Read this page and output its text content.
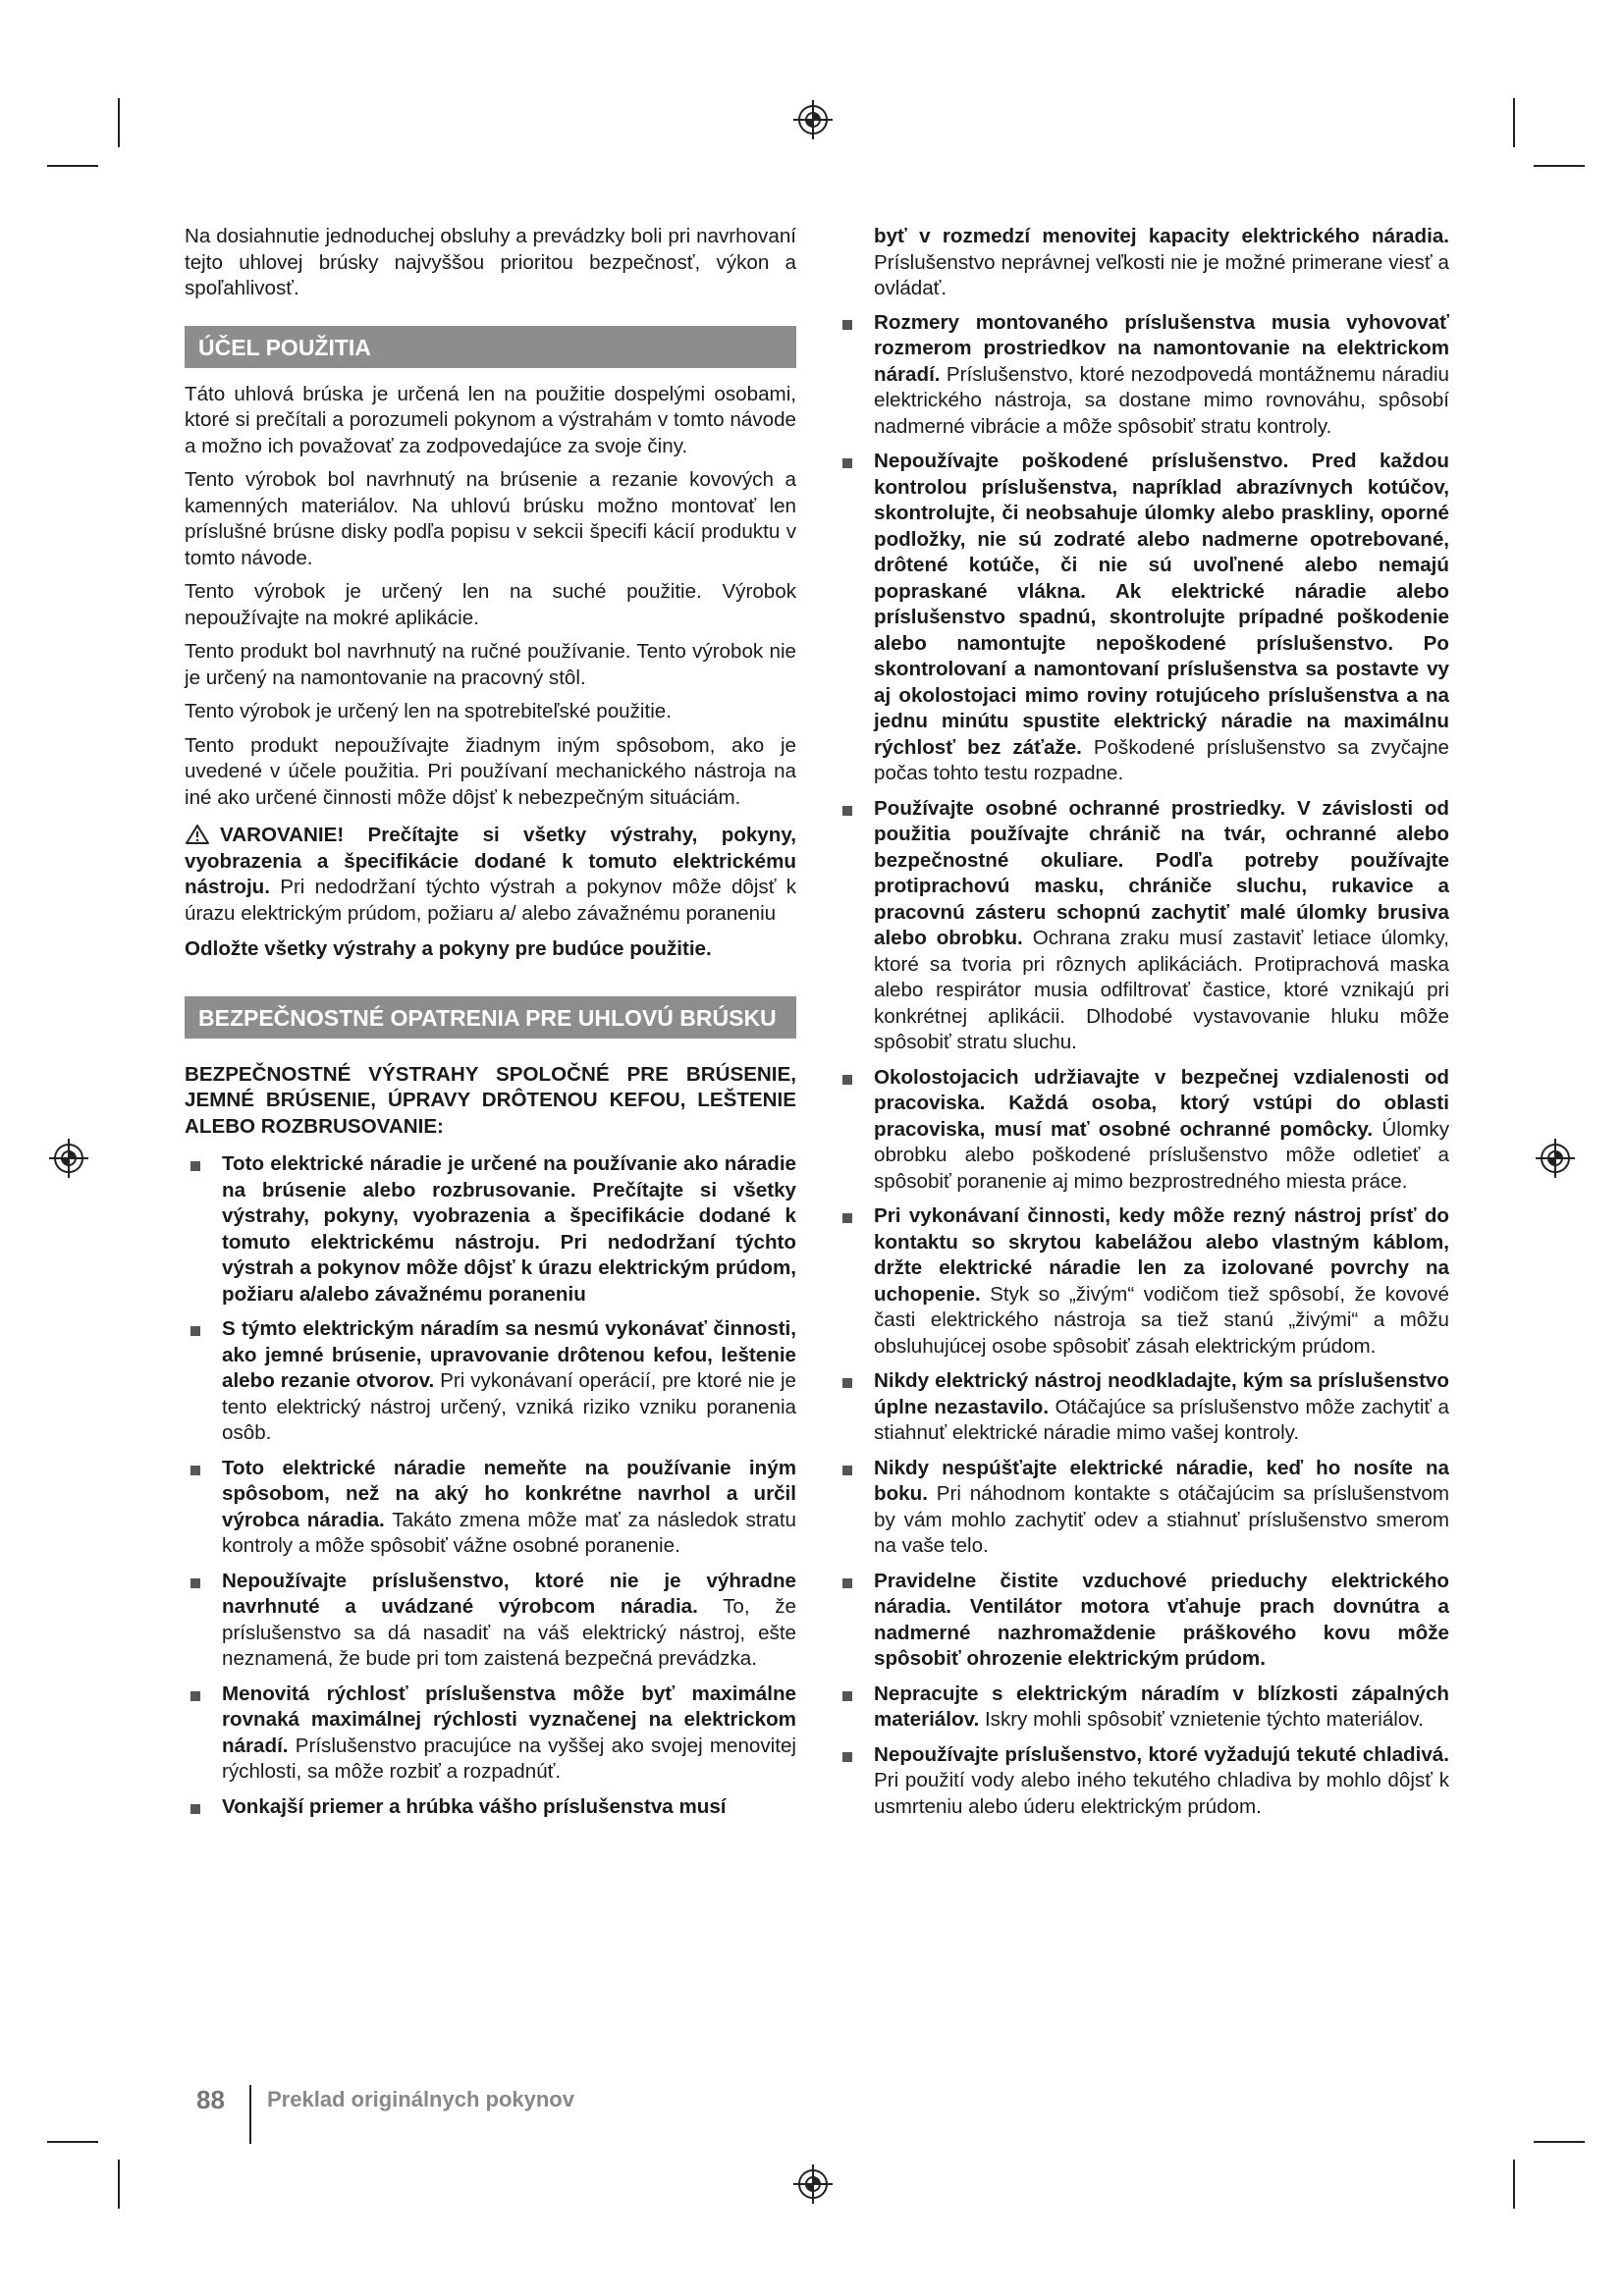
Na dosiahnutie jednoduchej obsluhy a prevádzky boli pri navrhovaní tejto uhlovej brúsky najvyššou prioritou bezpečnosť, výkon a spoľahlivosť.

ÚČEL POUŽITIA

Táto uhlová brúska je určená len na použitie dospelými osobami, ktoré si prečítali a porozumeli pokynom a výstrahám v tomto návode a možno ich považovať za zodpovedajúce za svoje činy.

Tento výrobok bol navrhnutý na brúsenie a rezanie kovových a kamenných materiálov. Na uhlovú brúsku možno montovať len príslušné brúsne disky podľa popisu v sekcii špecifi kácií produktu v tomto návode.

Tento výrobok je určený len na suché použitie. Výrobok nepoužívajte na mokré aplikácie.

Tento produkt bol navrhnutý na ručné používanie. Tento výrobok nie je určený na namontovanie na pracovný stôl.

Tento výrobok je určený len na spotrebiteľské použitie.

Tento produkt nepoužívajte žiadnym iným spôsobom, ako je uvedené v účele použitia. Pri používaní mechanického nástroja na iné ako určené činnosti môže dôjsť k nebezpečným situáciám.

VAROVANIE! Prečítajte si všetky výstrahy, pokyny, vyobrazenia a špecifikácie dodané k tomuto elektrickému nástroju. Pri nedodržaní týchto výstrah a pokynov môže dôjsť k úrazu elektrickým prúdom, požiaru a/ alebo závažnému poraneniu

Odložte všetky výstrahy a pokyny pre budúce použitie.

BEZPEČNOSTNÉ OPATRENIA PRE UHLOVÚ BRÚSKU
BEZPEČNOSTNÉ VÝSTRAHY SPOLOČNÉ PRE BRÚSENIE, JEMNÉ BRÚSENIE, ÚPRAVY DRÔTENOU KEFOU, LEŠTENIE ALEBO ROZBRUSOVANIE:
Toto elektrické náradie je určené na používanie ako náradie na brúsenie alebo rozbrusovanie. Prečítajte si všetky výstrahy, pokyny, vyobrazenia a špecifikácie dodané k tomuto elektrickému nástroju. Pri nedodržaní týchto výstrah a pokynov môže dôjsť k úrazu elektrickým prúdom, požiaru a/alebo závažnému poraneniu
S týmto elektrickým náradím sa nesmú vykonávať činnosti, ako jemné brúsenie, upravovanie drôtenou kefou, leštenie alebo rezanie otvorov. Pri vykonávaní operácií, pre ktoré nie je tento elektrický nástroj určený, vzniká riziko vzniku poranenia osôb.
Toto elektrické náradie nemeňte na používanie iným spôsobom, než na aký ho konkrétne navrhol a určil výrobca náradia. Takáto zmena môže mať za následok stratu kontroly a môže spôsobiť vážne osobné poranenie.
Nepoužívajte príslušenstvo, ktoré nie je výhradne navrhnuté a uvádzané výrobcom náradia. To, že príslušenstvo sa dá nasadiť na váš elektrický nástroj, ešte neznamená, že bude pri tom zaistená bezpečná prevádzka.
Menovitá rýchlosť príslušenstva môže byť maximálne rovnaká maximálnej rýchlosti vyznačenej na elektrickom náradí. Príslušenstvo pracujúce na vyššej ako svojej menovitej rýchlosti, sa môže rozbiť a rozpadnúť.
Vonkajší priemer a hrúbka vášho príslušenstva musí

byť v rozmedzí menovitej kapacity elektrického náradia. Príslušenstvo neprávnej veľkosti nie je možné primerane viesť a ovládať.

Rozmery montovaného príslušenstva musia vyhovovať rozmerom prostriedkov na namontovanie na elektrickom náradí. Príslušenstvo, ktoré nezodpovedá montážnemu náradiu elektrického nástroja, sa dostane mimo rovnováhu, spôsobí nadmerné vibrácie a môže spôsobiť stratu kontroly.
Nepoužívajte poškodené príslušenstvo. Pred každou kontrolou príslušenstva, napríklad abrazívnych kotúčov, skontrolujte, či neobsahuje úlomky alebo praskliny, oporné podložky, nie sú zodraté alebo nadmerne opotrebované, drôtené kotúče, či nie sú uvoľnené alebo nemajú popraskané vlákna. Ak elektrické náradie alebo príslušenstvo spadnú, skontrolujte prípadné poškodenie alebo namontujte nepoškodené príslušenstvo. Po skontrolovaní a namontovaní príslušenstva sa postavte vy aj okolostojaci mimo roviny rotujúceho príslušenstva a na jednu minútu spustite elektrický náradie na maximálnu rýchlosť bez záťaže. Poškodené príslušenstvo sa zvyčajne počas tohto testu rozpadne.
Používajte osobné ochranné prostriedky. V závislosti od použitia používajte chránič na tvár, ochranné alebo bezpečnostné okuliare. Podľa potreby používajte protiprachovú masku, chrániče sluchu, rukavice a pracovnú zásteru schopnú zachytiť malé úlomky brusiva alebo obrobku. Ochrana zraku musí zastaviť letiace úlomky, ktoré sa tvoria pri rôznych aplikáciách. Protiprachová maska alebo respirátor musia odfiltrovať častice, ktoré vznikajú pri konkrétnej aplikácii. Dlhodobé vystavovanie hluku môže spôsobiť stratu sluchu.
Okolostojacich udržiavajte v bezpečnej vzdialenosti od pracoviska. Každá osoba, ktorý vstúpi do oblasti pracoviska, musí mať osobné ochranné pomôcky. Úlomky obrobku alebo poškodené príslušenstvo môže odletieť a spôsobiť poranenie aj mimo bezprostredného miesta práce.
Pri vykonávaní činnosti, kedy môže rezný nástroj prísť do kontaktu so skrytou kabelážou alebo vlastným káblom, držte elektrické náradie len za izolované povrchy na uchopenie. Styk so „živým“ vodičom tiež spôsobí, že kovové časti elektrického nástroja sa tiež stanú „živými“ a môžu obsluhujúcej osobe spôsobiť zásah elektrickým prúdom.
Nikdy elektrický nástroj neodkladajte, kým sa príslušenstvo úplne nezastavilo. Otáčajúce sa príslušenstvo môže zachytiť a stiahnuť elektrické náradie mimo vašej kontroly.
Nikdy nespúšťajte elektrické náradie, keď ho nosíte na boku. Pri náhodnom kontakte s otáčajúcim sa príslušenstvom by vám mohlo zachytiť odev a stiahnuť príslušenstvo smerom na vaše telo.
Pravidelne čistite vzduchové prieduchy elektrického náradia. Ventilátor motora vťahuje prach dovnútra a nadmerné nazhromaždenie práškového kovu môže spôsobiť ohrozenie elektrickým prúdom.
Nepracujte s elektrickým náradím v blízkosti zápalných materiálov. Iskry mohli spôsobiť vznietenie týchto materiálov.
Nepoužívajte príslušenstvo, ktoré vyžadujú tekuté chladivá. Pri použití vody alebo iného tekutého chladiva by mohlo dôjsť k usmrteniu alebo úderu elektrickým prúdom.
88 Preklad originálnych pokynov
